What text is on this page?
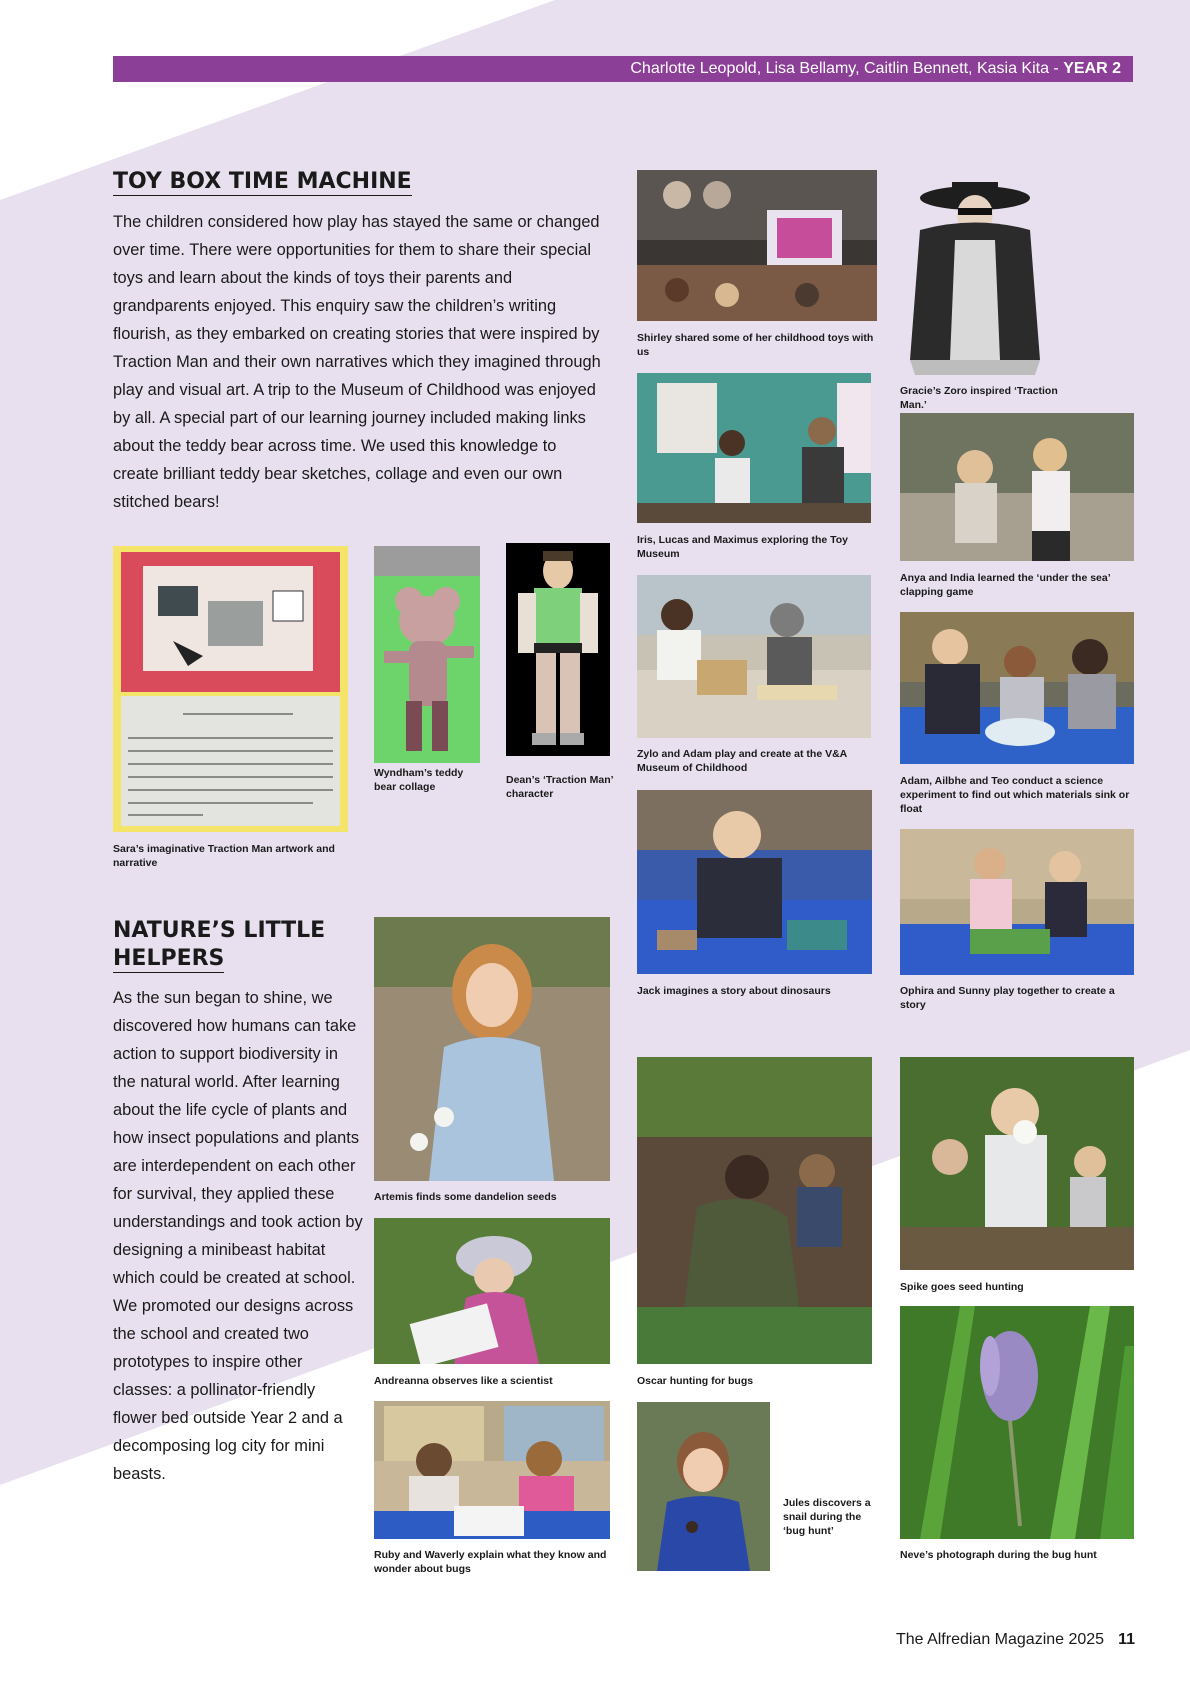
Charlotte Leopold, Lisa Bellamy, Caitlin Bennett, Kasia Kita - YEAR 2
TOY BOX TIME MACHINE

The children considered how play has stayed the same or changed over time. There were opportunities for them to share their special toys and learn about the kinds of toys their parents and grandparents enjoyed. This enquiry saw the children’s writing flourish, as they embarked on creating stories that were inspired by Traction Man and their own narratives which they imagined through play and visual art. A trip to the Museum of Childhood was enjoyed by all. A special part of our learning journey included making links about the teddy bear across time. We used this knowledge to create brilliant teddy bear sketches, collage and even our own stitched bears!

Sara’s imaginative Traction Man artwork and narrative
Wyndham’s teddy bear collage
Dean’s ‘Traction Man’ character
NATURE’S LITTLE
HELPERS

As the sun began to shine, we discovered how humans can take action to support biodiversity in the natural world. After learning about the life cycle of plants and how insect populations and plants are interdependent on each other for survival, they applied these understandings and took action by designing a minibeast habitat which could be created at school. We promoted our designs across the school and created two prototypes to inspire other classes: a pollinator-friendly flower bed outside Year 2 and a decomposing log city for mini beasts.

Artemis finds some dandelion seeds
Andreanna observes like a scientist
Ruby and Waverly explain what they know and wonder about bugs
Shirley shared some of her childhood toys with us
Gracie’s Zoro inspired ‘Traction Man.’
Iris, Lucas and Maximus exploring the Toy Museum
Anya and India learned the ‘under the sea’ clapping game
Zylo and Adam play and create at the V&A Museum of Childhood
Adam, Ailbhe and Teo conduct a science experiment to find out which materials sink or float
Jack imagines a story about dinosaurs	Ophira and Sunny play together to create a story
Oscar hunting for bugs
Spike goes seed hunting
Jules discovers a snail during the ‘bug hunt’
Neve’s photograph during the bug hunt
The Alfredian Magazine 2025 11
